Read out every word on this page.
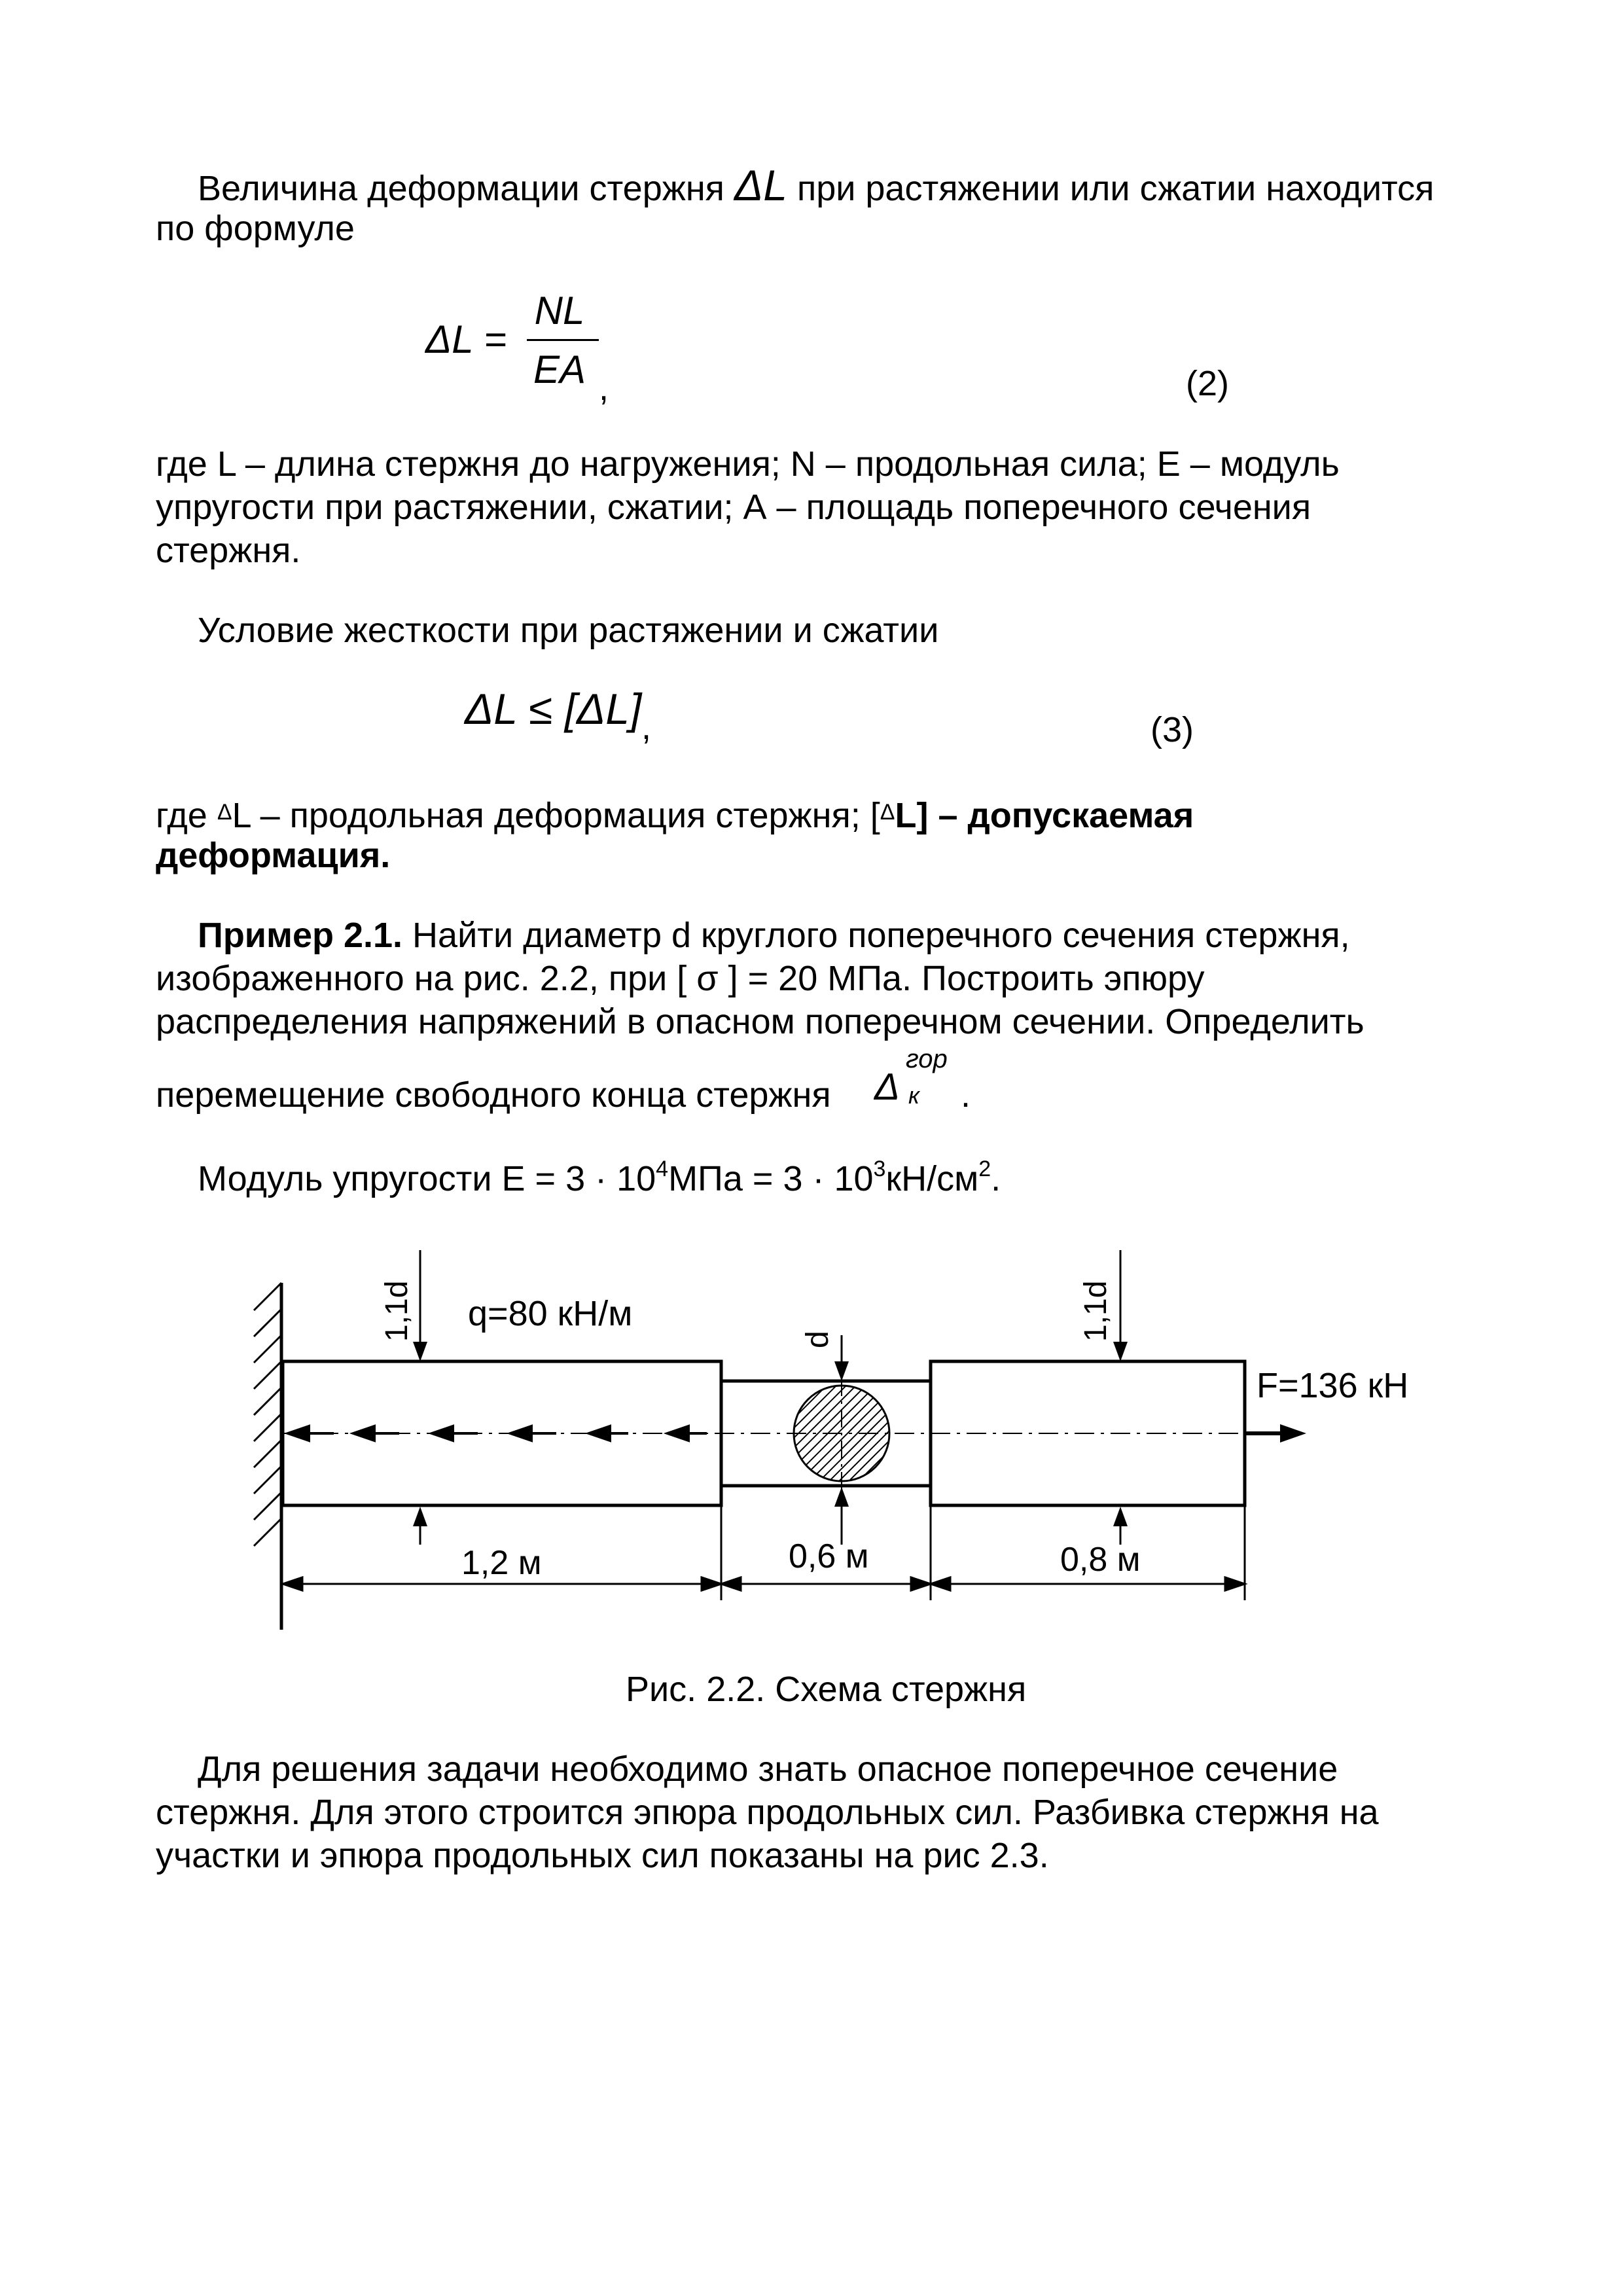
Величина деформации стержня ΔL при растяжении или сжатии находится
по формуле
ΔL =
NL
EA ,	(2)
где L – длина стержня до нагружения; N – продольная сила; E – модуль
упругости при растяжении, сжатии; А – площадь поперечного сечения
стержня.
Условие жесткости при растяжении и сжатии
ΔL ≤ [ΔL] ,	(3)
где $^\Delta$L – продольная деформация стержня; [$^\Delta$L] – допускаемая
деформация.
Пример 2.1. Найти диаметр d круглого поперечного сечения стержня,
изображенного на рис. 2.2, при [ σ ] = 20 МПа. Построить эпюру
распределения напряжений в опасном поперечном сечении. Определить
перемещение свободного конца стержня Δ
гор
к .
Модуль упругости $E = 3 \cdot 10^4МПа = 3 \cdot 10^3кН/см^2$.
F=136 кН
1,1d q=80 кН/м
d	1,1d
1,2 м	0,6 м	0,8 м
Рис. 2.2. Схема стержня
Для решения задачи необходимо знать опасное поперечное сечение
стержня. Для этого строится эпюра продольных сил. Разбивка стержня на
участки и эпюра продольных сил показаны на рис 2.3.
